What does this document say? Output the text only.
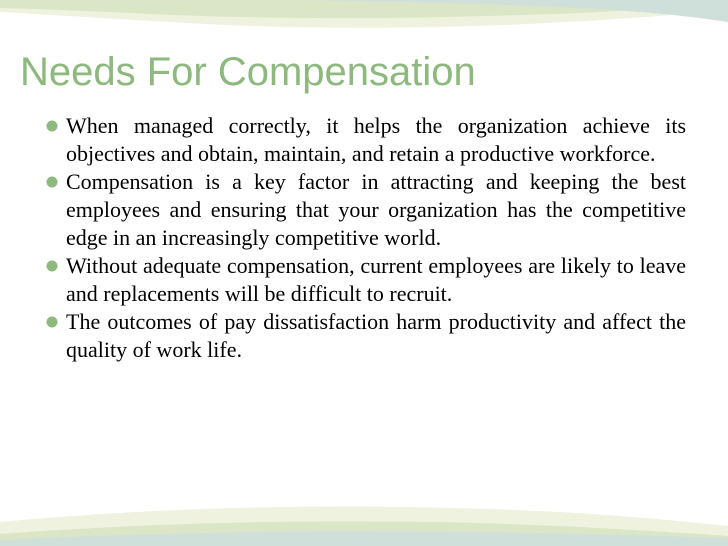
Needs For Compensation
When managed correctly, it helps the organization achieve its objectives and obtain, maintain, and retain a productive workforce.
Compensation is a key factor in attracting and keeping the best employees and ensuring that your organization has the competitive edge in an increasingly competitive world.
Without adequate compensation, current employees are likely to leave and replacements will be difficult to recruit.
The outcomes of pay dissatisfaction harm productivity and affect the quality of work life.
